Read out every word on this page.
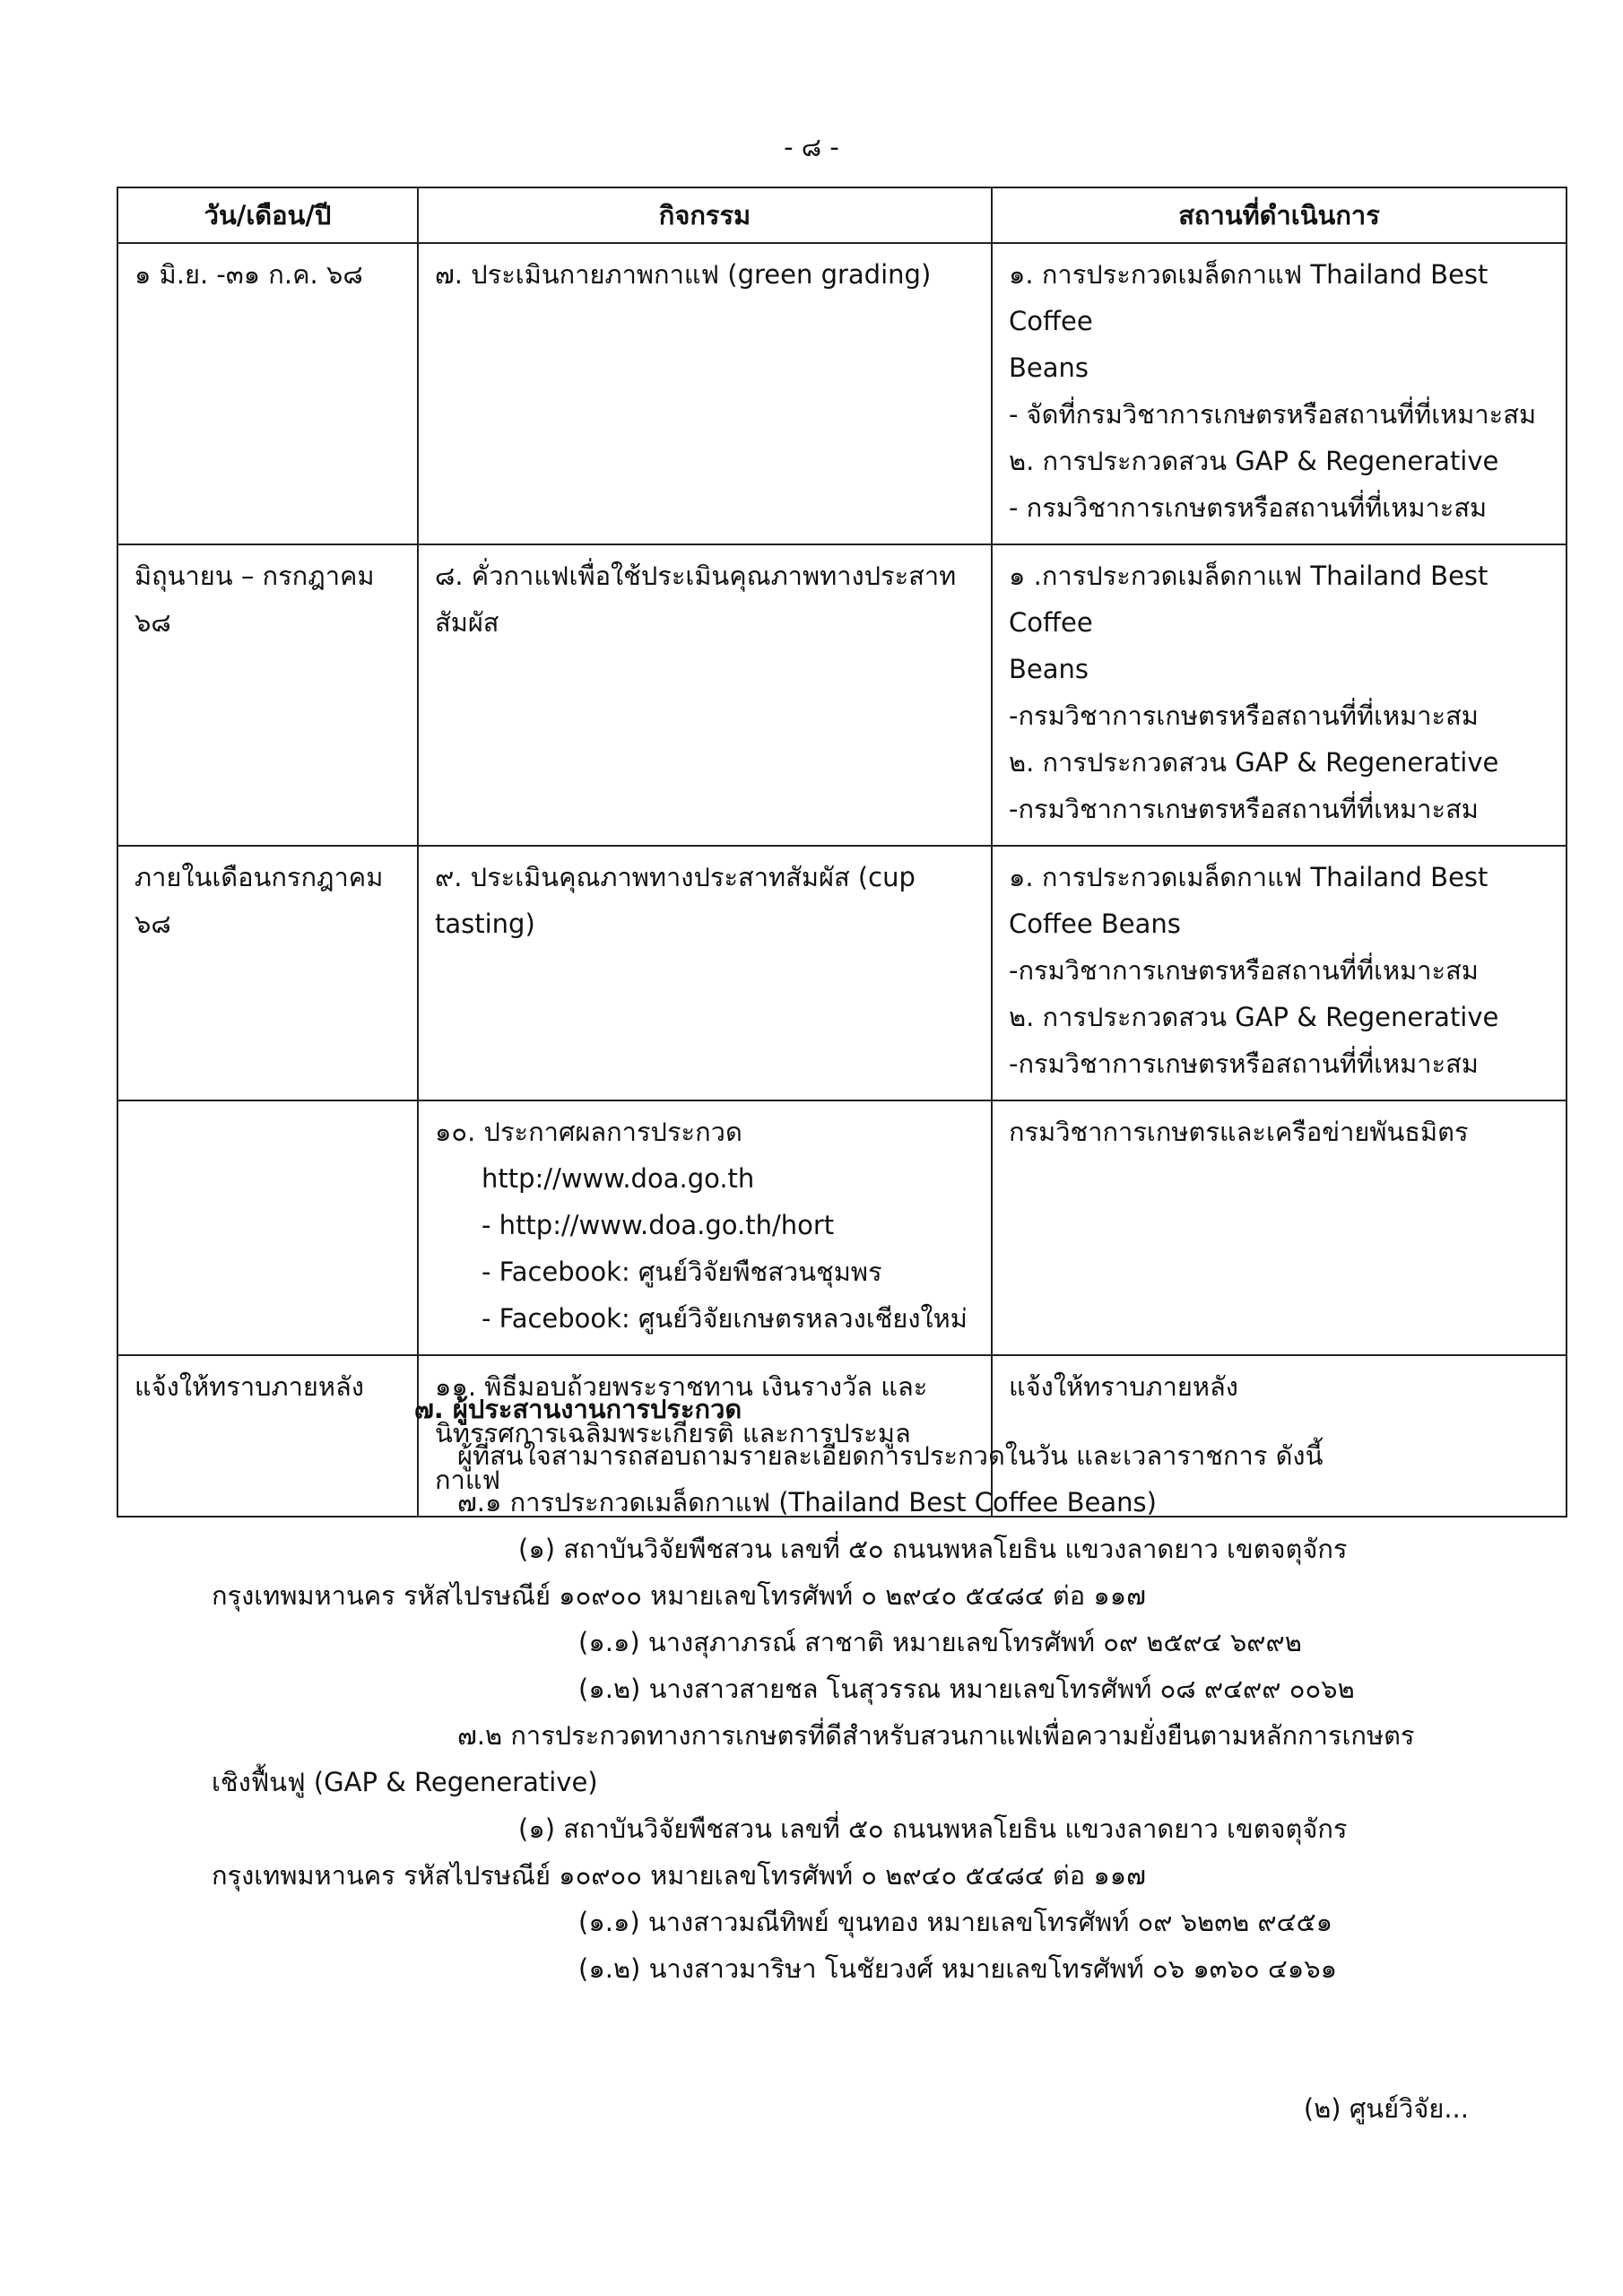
- ๘ -
วัน/เดือน/ปี	กิจกรรม	สถานที่ดำเนินการ
๑ มิ.ย. -๓๑ ก.ค. ๖๘	๗. ประเมินกายภาพกาแฟ (green grading)	๑. การประกวดเมล็ดกาแฟ Thailand Best Coffee
Beans
- จัดที่กรมวิชาการเกษตรหรือสถานที่ที่เหมาะสม
๒. การประกวดสวน GAP & Regenerative
- กรมวิชาการเกษตรหรือสถานที่ที่เหมาะสม

มิถุนายน – กรกฎาคม ๖๘	๘. คั่วกาแฟเพื่อใช้ประเมินคุณภาพทางประสาทสัมผัส	๑ .การประกวดเมล็ดกาแฟ Thailand Best Coffee
Beans
-กรมวิชาการเกษตรหรือสถานที่ที่เหมาะสม
๒. การประกวดสวน GAP & Regenerative
-กรมวิชาการเกษตรหรือสถานที่ที่เหมาะสม

ภายในเดือนกรกฎาคม ๖๘	๙. ประเมินคุณภาพทางประสาทสัมผัส (cup tasting)	๑. การประกวดเมล็ดกาแฟ Thailand Best
Coffee Beans
-กรมวิชาการเกษตรหรือสถานที่ที่เหมาะสม
๒. การประกวดสวน GAP & Regenerative
-กรมวิชาการเกษตรหรือสถานที่ที่เหมาะสม

	๑๐. ประกาศผลการประกวด
http://www.doa.go.th
- http://www.doa.go.th/hort
- Facebook: ศูนย์วิจัยพืชสวนชุมพร
- Facebook: ศูนย์วิจัยเกษตรหลวงเชียงใหม่	กรมวิชาการเกษตรและเครือข่ายพันธมิตร

แจ้งให้ทราบภายหลัง	๑๑. พิธีมอบถ้วยพระราชทาน เงินรางวัล และ
นิทรรศการเฉลิมพระเกียรติ และการประมูลกาแฟ	แจ้งให้ทราบภายหลัง
๗. ผู้ประสานงานการประกวด
ผู้ที่สนใจสามารถสอบถามรายละเอียดการประกวดในวัน และเวลาราชการ ดังนี้
๗.๑ การประกวดเมล็ดกาแฟ (Thailand Best Coffee Beans)
(๑) สถาบันวิจัยพืชสวน เลขที่ ๕๐ ถนนพหลโยธิน แขวงลาดยาว เขตจตุจักร
กรุงเทพมหานคร รหัสไปรษณีย์ ๑๐๙๐๐ หมายเลขโทรศัพท์ ๐ ๒๙๔๐ ๕๔๘๔ ต่อ ๑๑๗
(๑.๑) นางสุภาภรณ์ สาชาติ หมายเลขโทรศัพท์ ๐๙ ๒๕๙๔ ๖๙๙๒
(๑.๒) นางสาวสายชล โนสุวรรณ หมายเลขโทรศัพท์ ๐๘ ๙๔๙๙ ๐๐๖๒
๗.๒ การประกวดทางการเกษตรที่ดีสำหรับสวนกาแฟเพื่อความยั่งยืนตามหลักการเกษตร
เชิงฟื้นฟู (GAP & Regenerative)
(๑) สถาบันวิจัยพืชสวน เลขที่ ๕๐ ถนนพหลโยธิน แขวงลาดยาว เขตจตุจักร
กรุงเทพมหานคร รหัสไปรษณีย์ ๑๐๙๐๐ หมายเลขโทรศัพท์ ๐ ๒๙๔๐ ๕๔๘๔ ต่อ ๑๑๗
(๑.๑) นางสาวมณีทิพย์ ขุนทอง หมายเลขโทรศัพท์ ๐๙ ๖๒๓๒ ๙๔๕๑
(๑.๒) นางสาวมาริษา โนชัยวงศ์ หมายเลขโทรศัพท์ ๐๖ ๑๓๖๐ ๔๑๖๑
(๒) ศูนย์วิจัย...
